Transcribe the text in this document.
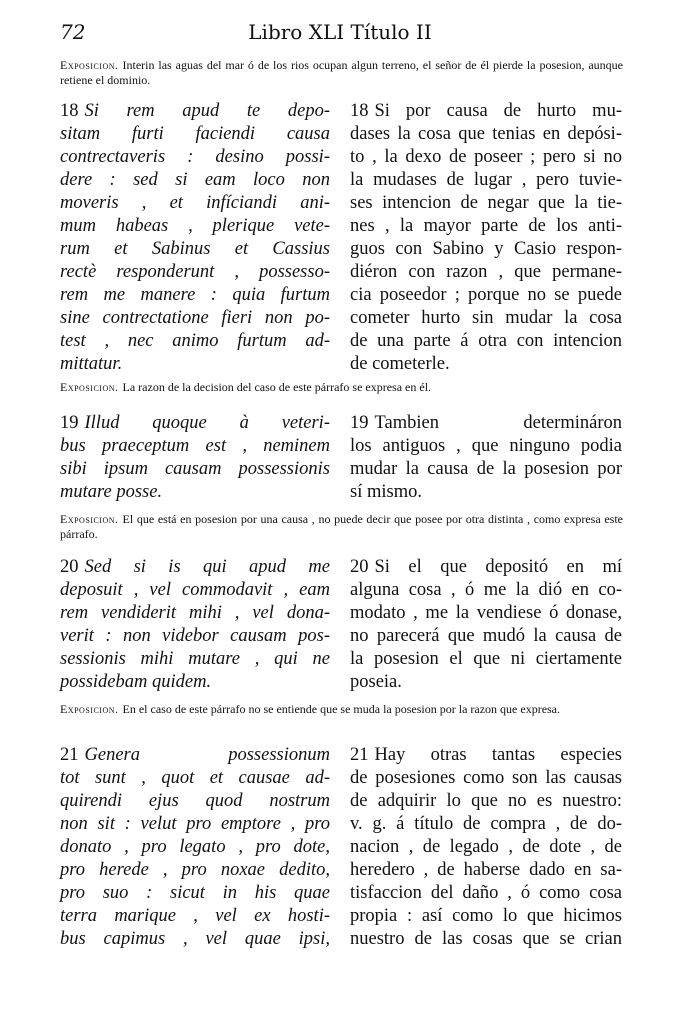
72	Libro XLI Título II
Exposicion. Interin las aguas del mar ó de los rios ocupan algun terreno, el señor de él pierde la posesion, aunque retiene el dominio.
18 Si rem apud te depo-
sitam furti faciendi causa
contrectaveris : desino possi-
dere : sed si eam loco non
moveris , et infíciandi ani-
mum habeas , plerique vete-
rum et Sabinus et Cassius
rectè responderunt , possesso-
rem me manere : quia furtum
sine contrectatione fieri non po-
test , nec animo furtum ad-
mittatur.
18 Si por causa de hurto mu-
dases la cosa que tenias en depósi-
to , la dexo de poseer ; pero si no
la mudases de lugar , pero tuvie-
ses intencion de negar que la tie-
nes , la mayor parte de los anti-
guos con Sabino y Casio respon-
diéron con razon , que permane-
cia poseedor ; porque no se puede
cometer hurto sin mudar la cosa
de una parte á otra con intencion
de cometerle.
Exposicion. La razon de la decision del caso de este párrafo se expresa en él.
19 Illud quoque à veteri-
bus praeceptum est , neminem
sibi ipsum causam possessionis
mutare posse.
19 Tambien determináron
los antiguos , que ninguno podia
mudar la causa de la posesion por
sí mismo.
Exposicion. El que está en posesion por una causa , no puede decir que posee por otra distinta , como expresa este párrafo.
20 Sed si is qui apud me
deposuit , vel commodavit , eam
rem vendiderit mihi , vel dona-
verit : non videbor causam pos-
sessionis mihi mutare , qui ne
possidebam quidem.
20 Si el que depositó en mí
alguna cosa , ó me la dió en co-
modato , me la vendiese ó donase,
no parecerá que mudó la causa de
la posesion el que ni ciertamente
poseia.
Exposicion. En el caso de este párrafo no se entiende que se muda la posesion por la razon que expresa.
21 Genera possessionum
tot sunt , quot et causae ad-
quirendi ejus quod nostrum
non sit : velut pro emptore , pro
donato , pro legato , pro dote,
pro herede , pro noxae dedito,
pro suo : sicut in his quae
terra marique , vel ex hosti-
bus capimus , vel quae ipsi,
21 Hay otras tantas especies
de posesiones como son las causas
de adquirir lo que no es nuestro:
v. g. á título de compra , de do-
nacion , de legado , de dote , de
heredero , de haberse dado en sa-
tisfaccion del daño , ó como cosa
propia : así como lo que hicimos
nuestro de las cosas que se crian
